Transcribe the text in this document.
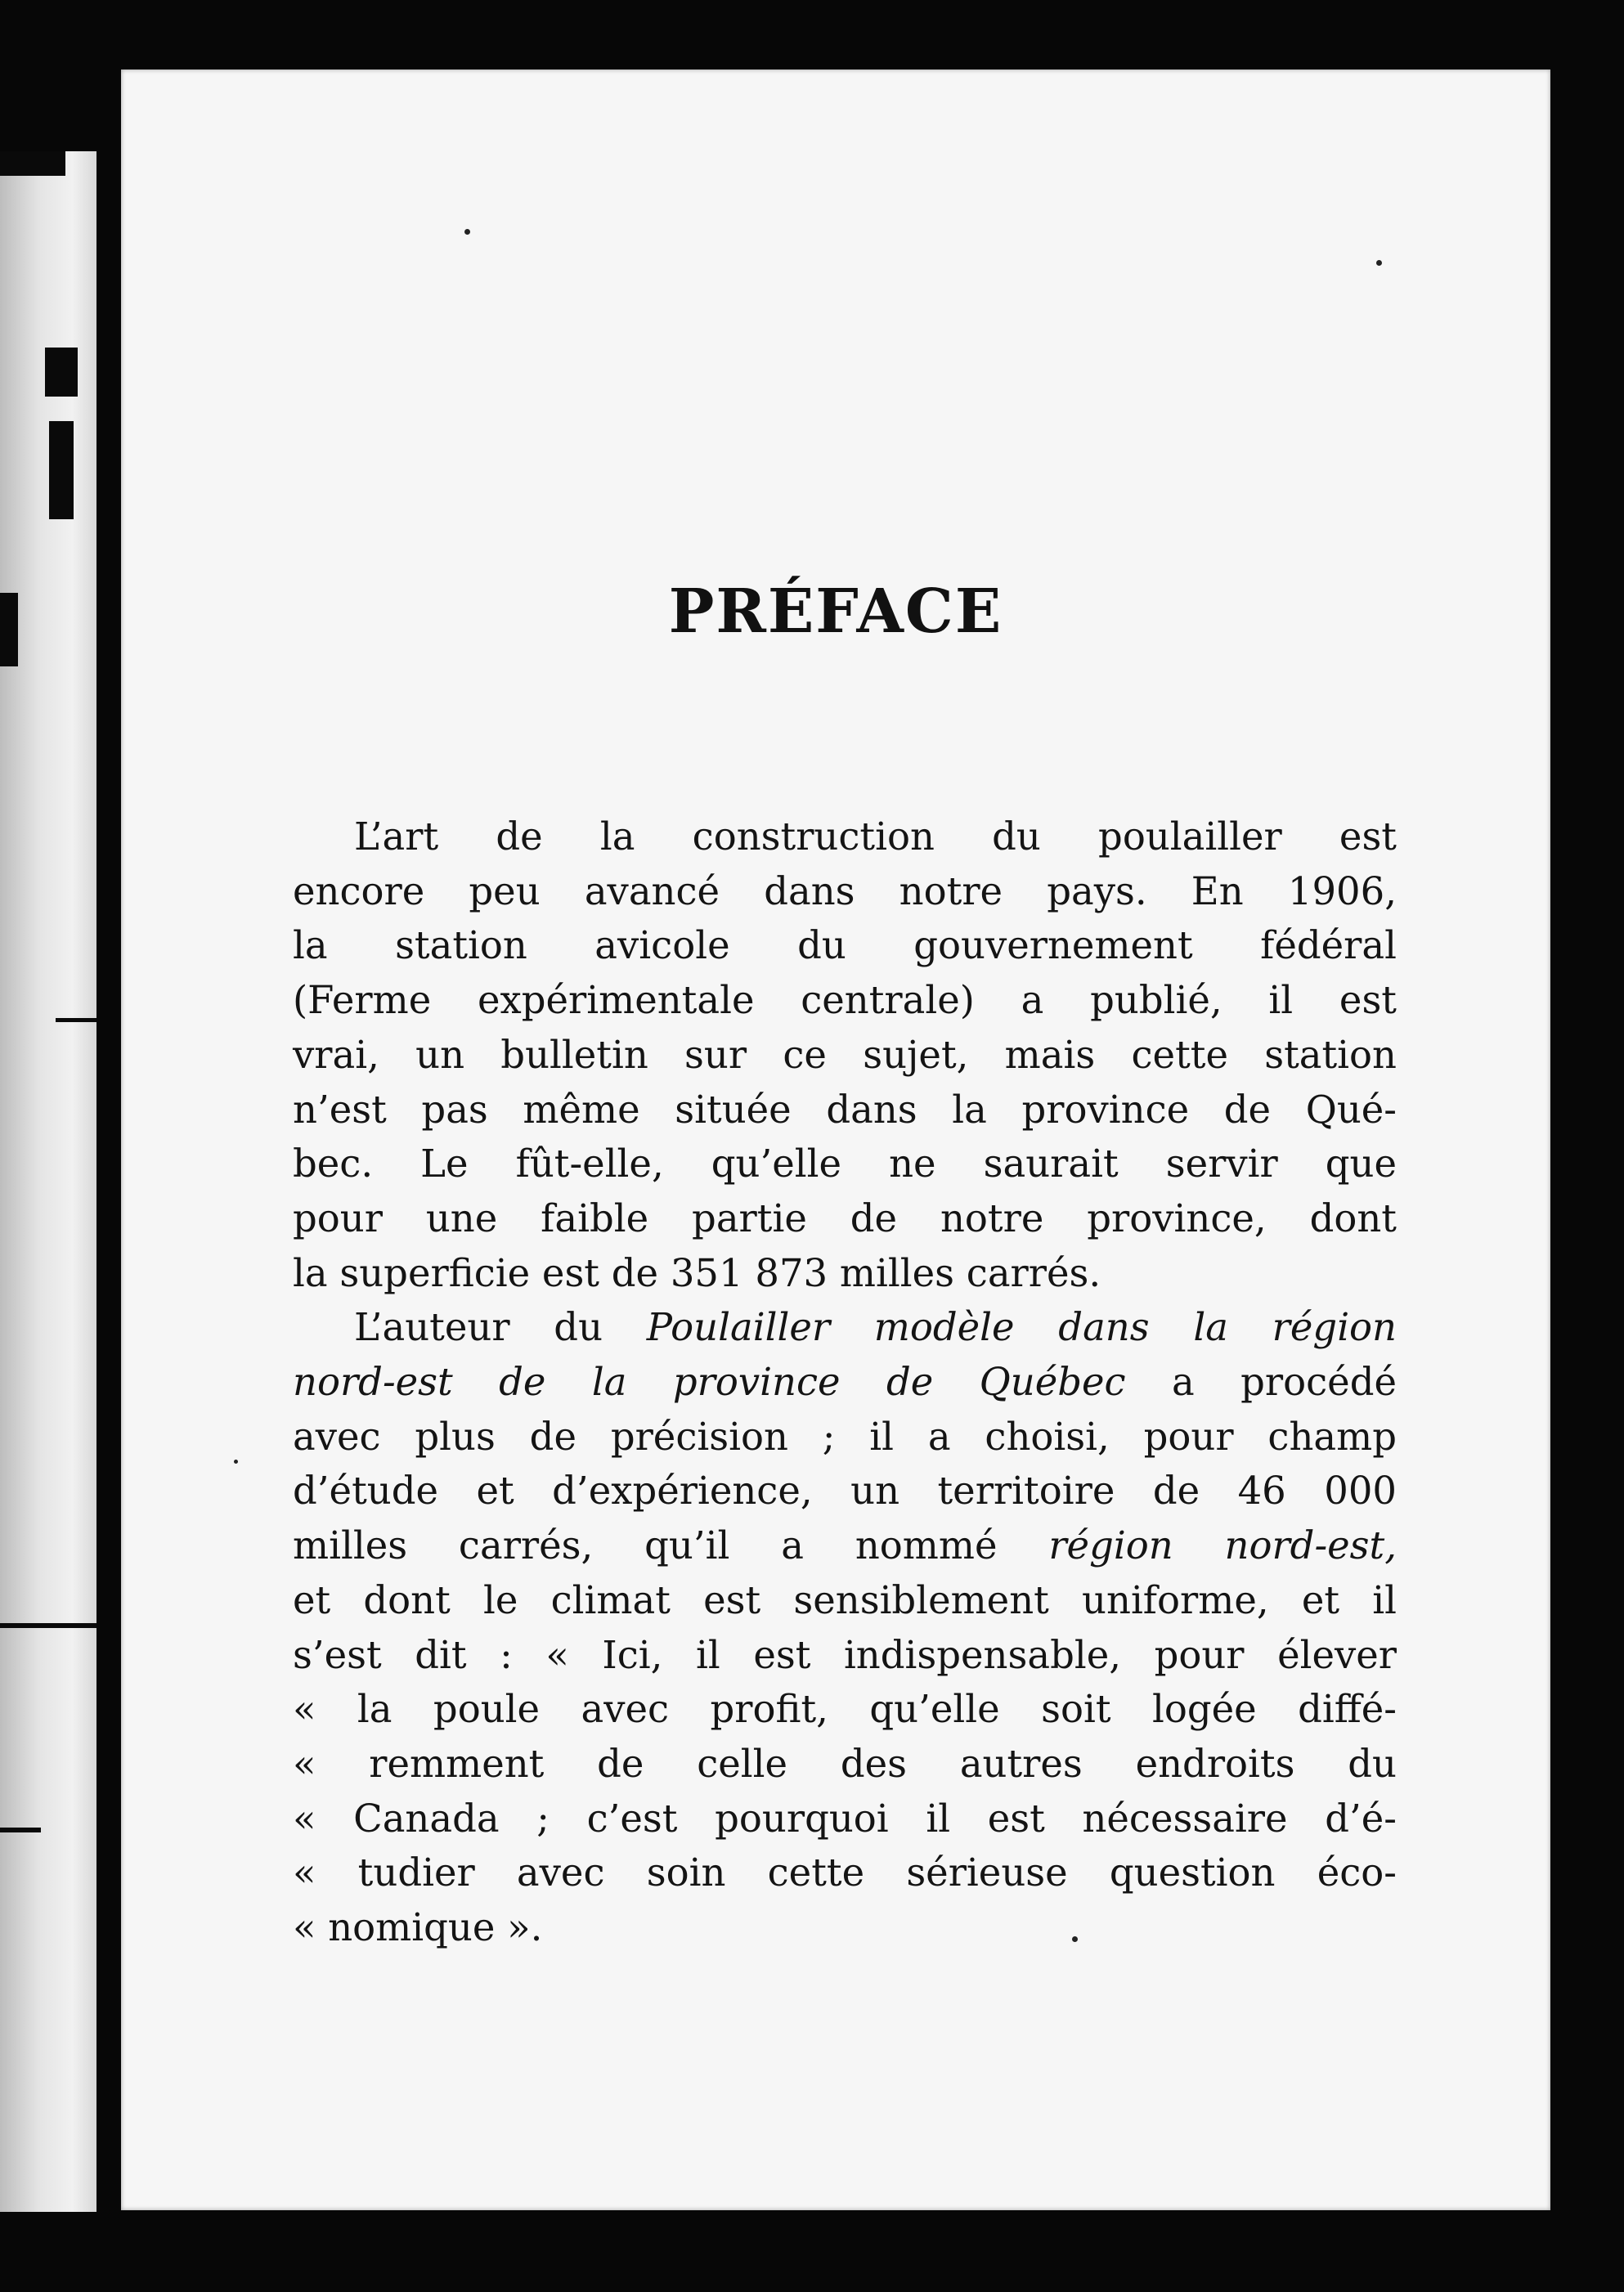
PRÉFACE
L’art de la construction du poulailler est
encore peu avancé dans notre pays. En 1906,
la station avicole du gouvernement fédéral
(Ferme expérimentale centrale) a publié, il est
vrai, un bulletin sur ce sujet, mais cette station
n’est pas même située dans la province de Qué-
bec. Le fût-elle, qu’elle ne saurait servir que
pour une faible partie de notre province, dont
la superficie est de 351 873 milles carrés.
L’auteur du Poulailler modèle dans la région
nord-est de la province de Québec a procédé
avec plus de précision ; il a choisi, pour champ
d’étude et d’expérience, un territoire de 46 000
milles carrés, qu’il a nommé région nord-est,
et dont le climat est sensiblement uniforme, et il
s’est dit : « Ici, il est indispensable, pour élever
« la poule avec profit, qu’elle soit logée diffé-
« remment de celle des autres endroits du
« Canada ; c’est pourquoi il est nécessaire d’é-
« tudier avec soin cette sérieuse question éco-
« nomique ».
